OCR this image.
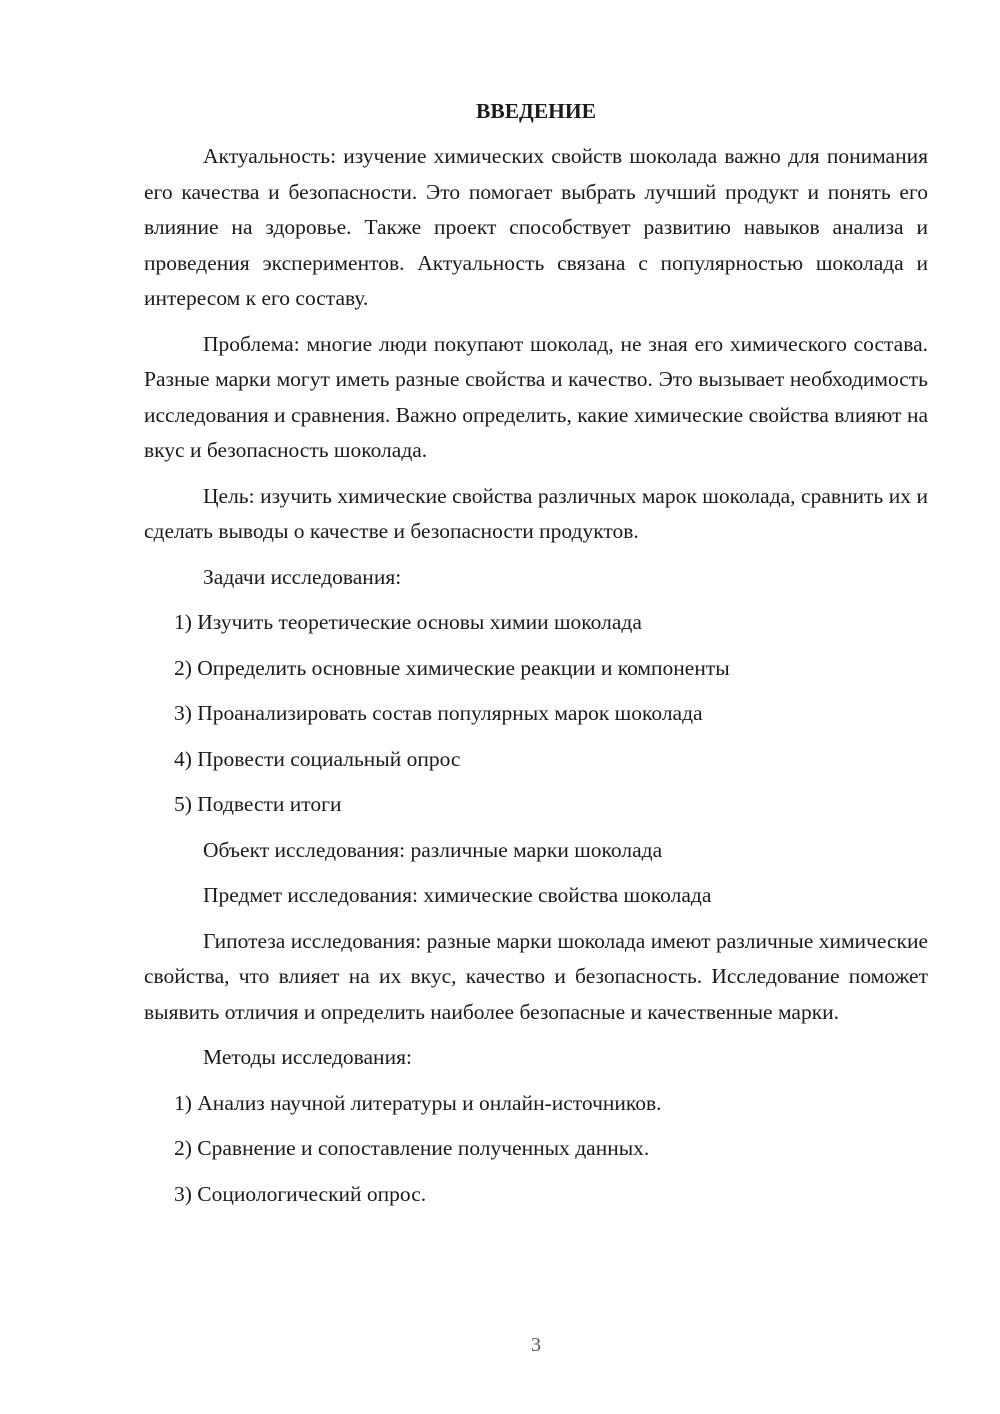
ВВЕДЕНИЕ
Актуальность: изучение химических свойств шоколада важно для понимания его качества и безопасности. Это помогает выбрать лучший продукт и понять его влияние на здоровье. Также проект способствует развитию навыков анализа и проведения экспериментов. Актуальность связана с популярностью шоколада и интересом к его составу.
Проблема: многие люди покупают шоколад, не зная его химического состава. Разные марки могут иметь разные свойства и качество. Это вызывает необходимость исследования и сравнения. Важно определить, какие химические свойства влияют на вкус и безопасность шоколада.
Цель: изучить химические свойства различных марок шоколада, сравнить их и сделать выводы о качестве и безопасности продуктов.
Задачи исследования:
1) Изучить теоретические основы химии шоколада
2) Определить основные химические реакции и компоненты
3) Проанализировать состав популярных марок шоколада
4) Провести социальный опрос
5) Подвести итоги
Объект исследования: различные марки шоколада
Предмет исследования: химические свойства шоколада
Гипотеза исследования: разные марки шоколада имеют различные химические свойства, что влияет на их вкус, качество и безопасность. Исследование поможет выявить отличия и определить наиболее безопасные и качественные марки.
Методы исследования:
1) Анализ научной литературы и онлайн-источников.
2) Сравнение и сопоставление полученных данных.
3) Социологический опрос.
3
